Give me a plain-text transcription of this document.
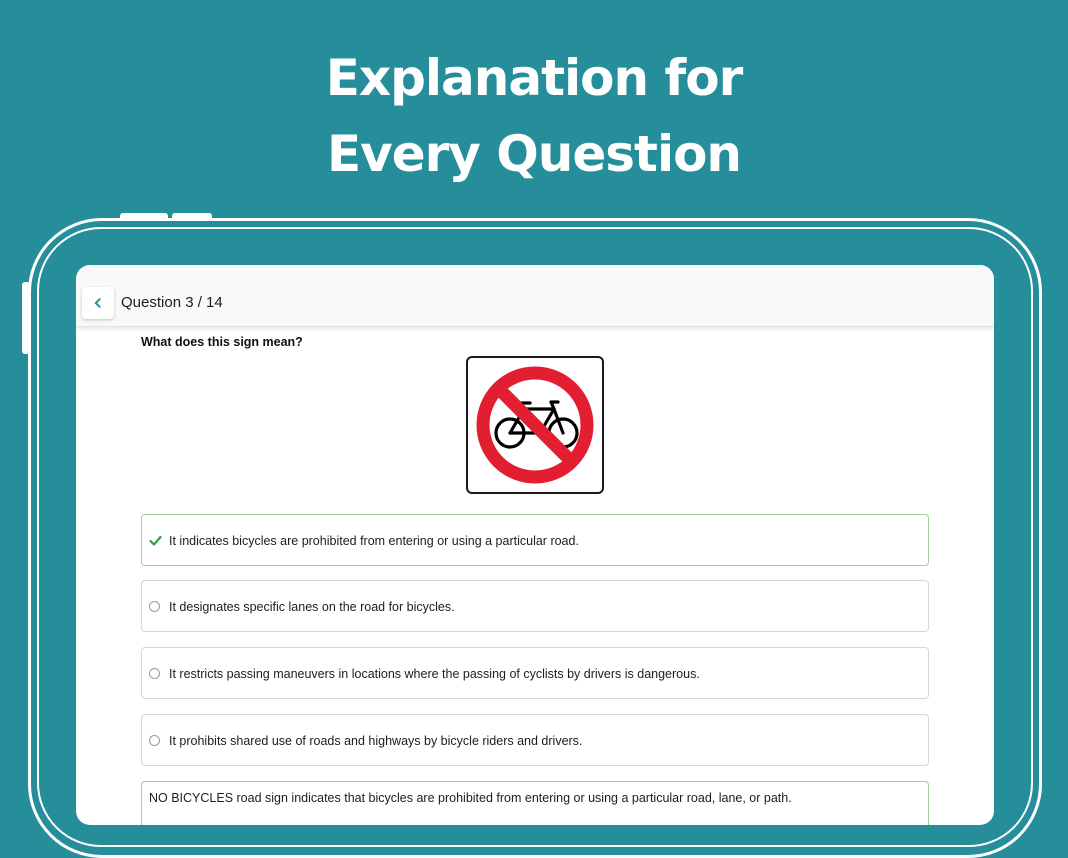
Explanation for
Every Question
Question 3 / 14
What does this sign mean?
It indicates bicycles are prohibited from entering or using a particular road.
It designates specific lanes on the road for bicycles.
It restricts passing maneuvers in locations where the passing of cyclists by drivers is dangerous.
It prohibits shared use of roads and highways by bicycle riders and drivers.
NO BICYCLES road sign indicates that bicycles are prohibited from entering or using a particular road, lane, or path.
